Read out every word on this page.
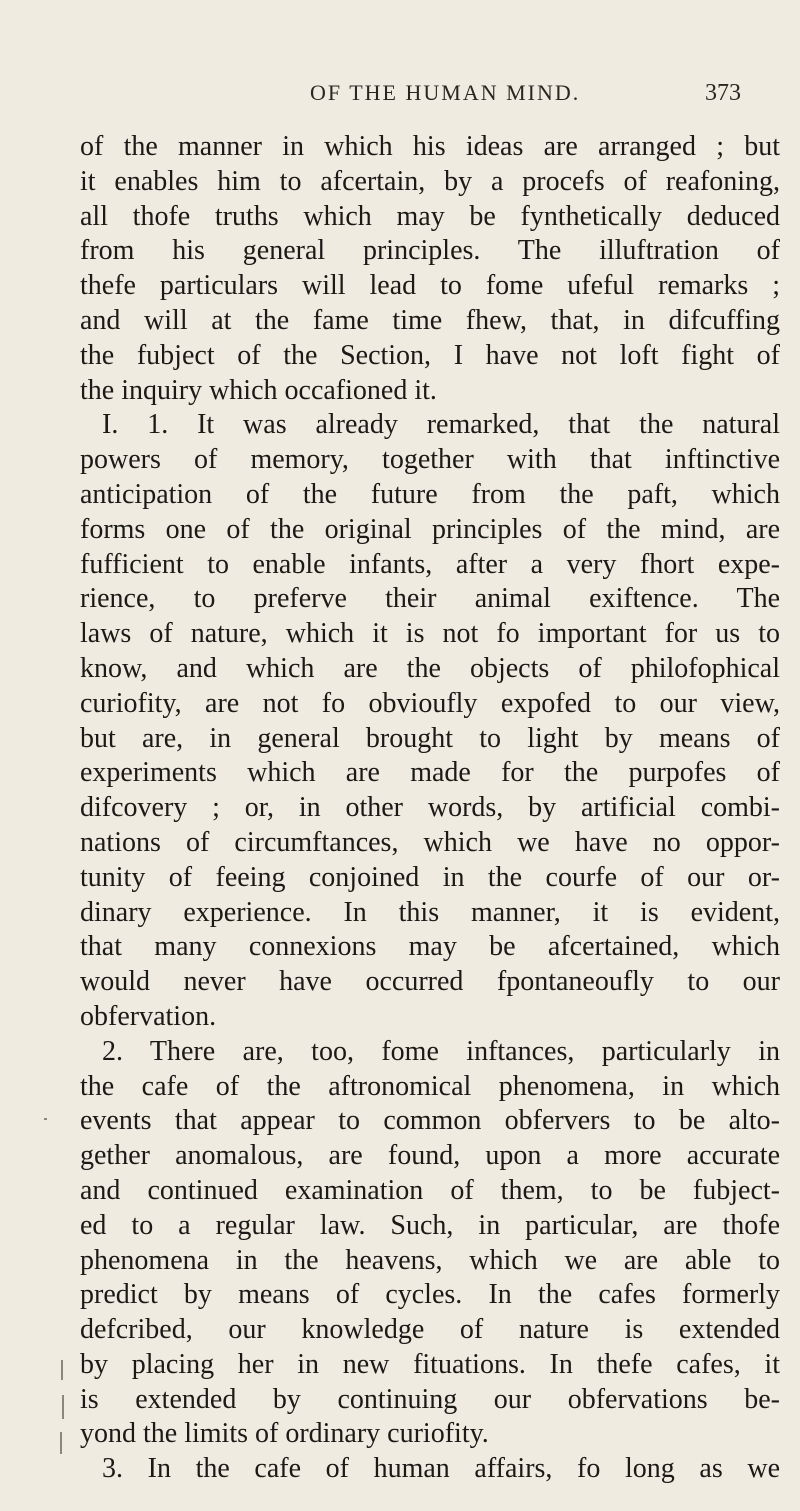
OF THE HUMAN MIND.	373
of the manner in which his ideas are arranged ; but
it enables him to afcertain, by a procefs of reafoning,
all thofe truths which may be fynthetically deduced
from his general principles. The illuftration of
thefe particulars will lead to fome ufeful remarks ;
and will at the fame time fhew, that, in difcuffing
the fubject of the Section, I have not loft fight of
the inquiry which occafioned it.
I. 1. It was already remarked, that the natural
powers of memory, together with that inftinctive
anticipation of the future from the paft, which
forms one of the original principles of the mind, are
fufficient to enable infants, after a very fhort expe-
rience, to preferve their animal exiftence. The
laws of nature, which it is not fo important for us to
know, and which are the objects of philofophical
curiofity, are not fo obvioufly expofed to our view,
but are, in general brought to light by means of
experiments which are made for the purpofes of
difcovery ; or, in other words, by artificial combi-
nations of circumftances, which we have no oppor-
tunity of feeing conjoined in the courfe of our or-
dinary experience. In this manner, it is evident,
that many connexions may be afcertained, which
would never have occurred fpontaneoufly to our
obfervation.
2. There are, too, fome inftances, particularly in
the cafe of the aftronomical phenomena, in which
events that appear to common obfervers to be alto-
gether anomalous, are found, upon a more accurate
and continued examination of them, to be fubject-
ed to a regular law. Such, in particular, are thofe
phenomena in the heavens, which we are able to
predict by means of cycles. In the cafes formerly
defcribed, our knowledge of nature is extended
by placing her in new fituations. In thefe cafes, it
is extended by continuing our obfervations be-
yond the limits of ordinary curiofity.
3. In the cafe of human affairs, fo long as we
